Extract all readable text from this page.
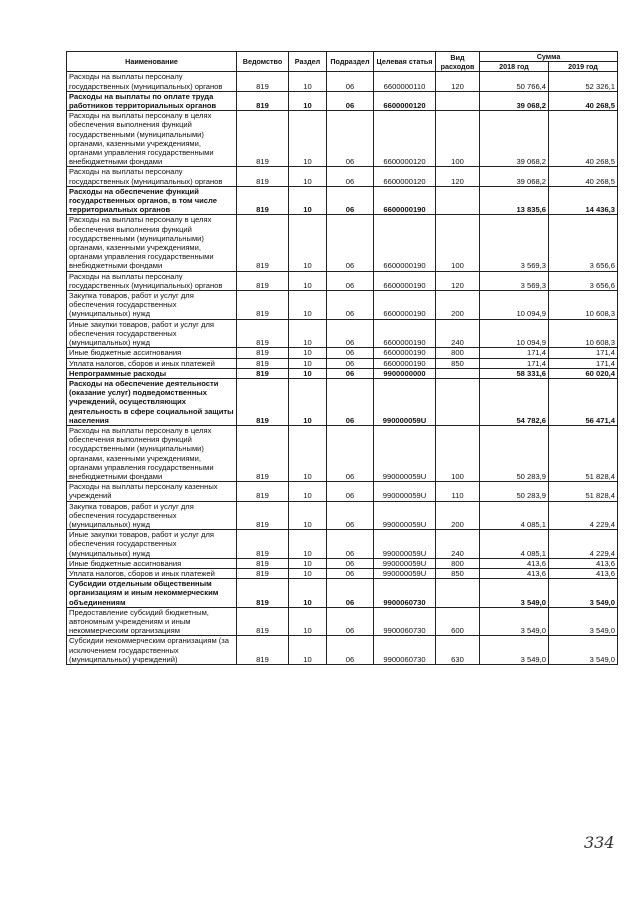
Наименование	Ведомство	Раздел	Подраздел	Целевая статья	Вид расходов	Сумма	
						2018 год	2019 год
Расходы на выплаты персоналу государственных (муниципальных) органов	819	10	06	6600000110	120	50 766,4	52 326,1
Расходы на выплаты по оплате труда работников территориальных органов	819	10	06	6600000120		39 068,2	40 268,5
Расходы на выплаты персоналу в целях обеспечения выполнения функций государственными (муниципальными) органами, казенными учреждениями, органами управления государственными внебюджетными фондами	819	10	06	6600000120	100	39 068,2	40 268,5
Расходы на выплаты персоналу государственных (муниципальных) органов	819	10	06	6600000120	120	39 068,2	40 268,5
Расходы на обеспечение функций государственных органов, в том числе территориальных органов	819	10	06	6600000190		13 835,6	14 436,3
Расходы на выплаты персоналу в целях обеспечения выполнения функций государственными (муниципальными) органами, казенными учреждениями, органами управления государственными внебюджетными фондами	819	10	06	6600000190	100	3 569,3	3 656,6
Расходы на выплаты персоналу государственных (муниципальных) органов	819	10	06	6600000190	120	3 569,3	3 656,6
Закупка товаров, работ и услуг для обеспечения государственных (муниципальных) нужд	819	10	06	6600000190	200	10 094,9	10 608,3
Иные закупки товаров, работ и услуг для обеспечения государственных (муниципальных) нужд	819	10	06	6600000190	240	10 094,9	10 608,3
Иные бюджетные ассигнования	819	10	06	6600000190	800	171,4	171,4
Уплата налогов, сборов и иных платежей	819	10	06	6600000190	850	171,4	171,4
Непрограммные расходы	819	10	06	9900000000		58 331,6	60 020,4
Расходы на обеспечение деятельности (оказание услуг) подведомственных учреждений, осуществляющих деятельность в сфере социальной защиты населения	819	10	06	990000059U		54 782,6	56 471,4
Расходы на выплаты персоналу в целях обеспечения выполнения функций государственными (муниципальными) органами, казенными учреждениями, органами управления государственными внебюджетными фондами	819	10	06	990000059U	100	50 283,9	51 828,4
Расходы на выплаты персоналу казенных учреждений	819	10	06	990000059U	110	50 283,9	51 828,4
Закупка товаров, работ и услуг для обеспечения государственных (муниципальных) нужд	819	10	06	990000059U	200	4 085,1	4 229,4
Иные закупки товаров, работ и услуг для обеспечения государственных (муниципальных) нужд	819	10	06	990000059U	240	4 085,1	4 229,4
Иные бюджетные ассигнования	819	10	06	990000059U	800	413,6	413,6
Уплата налогов, сборов и иных платежей	819	10	06	990000059U	850	413,6	413,6
Субсидии отдельным общественным организациям и иным некоммерческим объединениям	819	10	06	9900060730		3 549,0	3 549,0
Предоставление субсидий бюджетным, автономным учреждениям и иным некоммерческим организациям	819	10	06	9900060730	600	3 549,0	3 549,0
Субсидии некоммерческим организациям (за исключением государственных (муниципальных) учреждений)	819	10	06	9900060730	630	3 549,0	3 549,0
334
